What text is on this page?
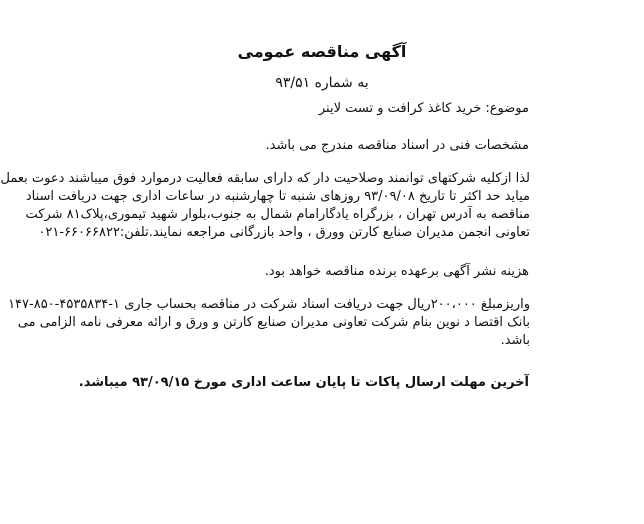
آگهی مناقصه عمومی
به شماره ۹۳/۵۱
موضوع: خرید کاغذ کرافت و تست لاینر
مشخصات فنی در اسناد مناقصه مندرج می باشد.
لذا ازکلیه شرکتهای توانمند وصلاحیت دار که دارای سابقه فعالیت درموارد فوق میباشند دعوت بعمل
میاید حد اکثر تا تاریخ ۹۳/۰۹/۰۸ روزهای شنبه تا چهارشنبه در ساعات اداری جهت دریافت اسناد
مناقصه به آدرس تهران ، بزرگراه یادگارامام شمال به جنوب،بلوار شهید تیموری،پلاک۸۱ شرکت
تعاونی انجمن مدیران صنایع کارتن وورق ، واحد بازرگانی مراجعه نمایند.تلفن:۶۶۰۶۶۸۲۲-۰۲۱
هزینه نشر آگهی برعهده برنده مناقصه خواهد بود.
واریزمبلغ ۲۰۰،۰۰۰ریال جهت دریافت اسناد شرکت در مناقصه بحساب جاری ۱-۴۵۳۵۸۳۴-۸۵۰-۱۴۷
بانک اقتصا د نوین بنام شرکت تعاونی مدیران صنایع کارتن و ورق و ارائه معرفی نامه الزامی می
باشد.
آخرین مهلت ارسال پاکات تا پایان ساعت اداری مورخ ۹۳/۰۹/۱۵ میباشد.
